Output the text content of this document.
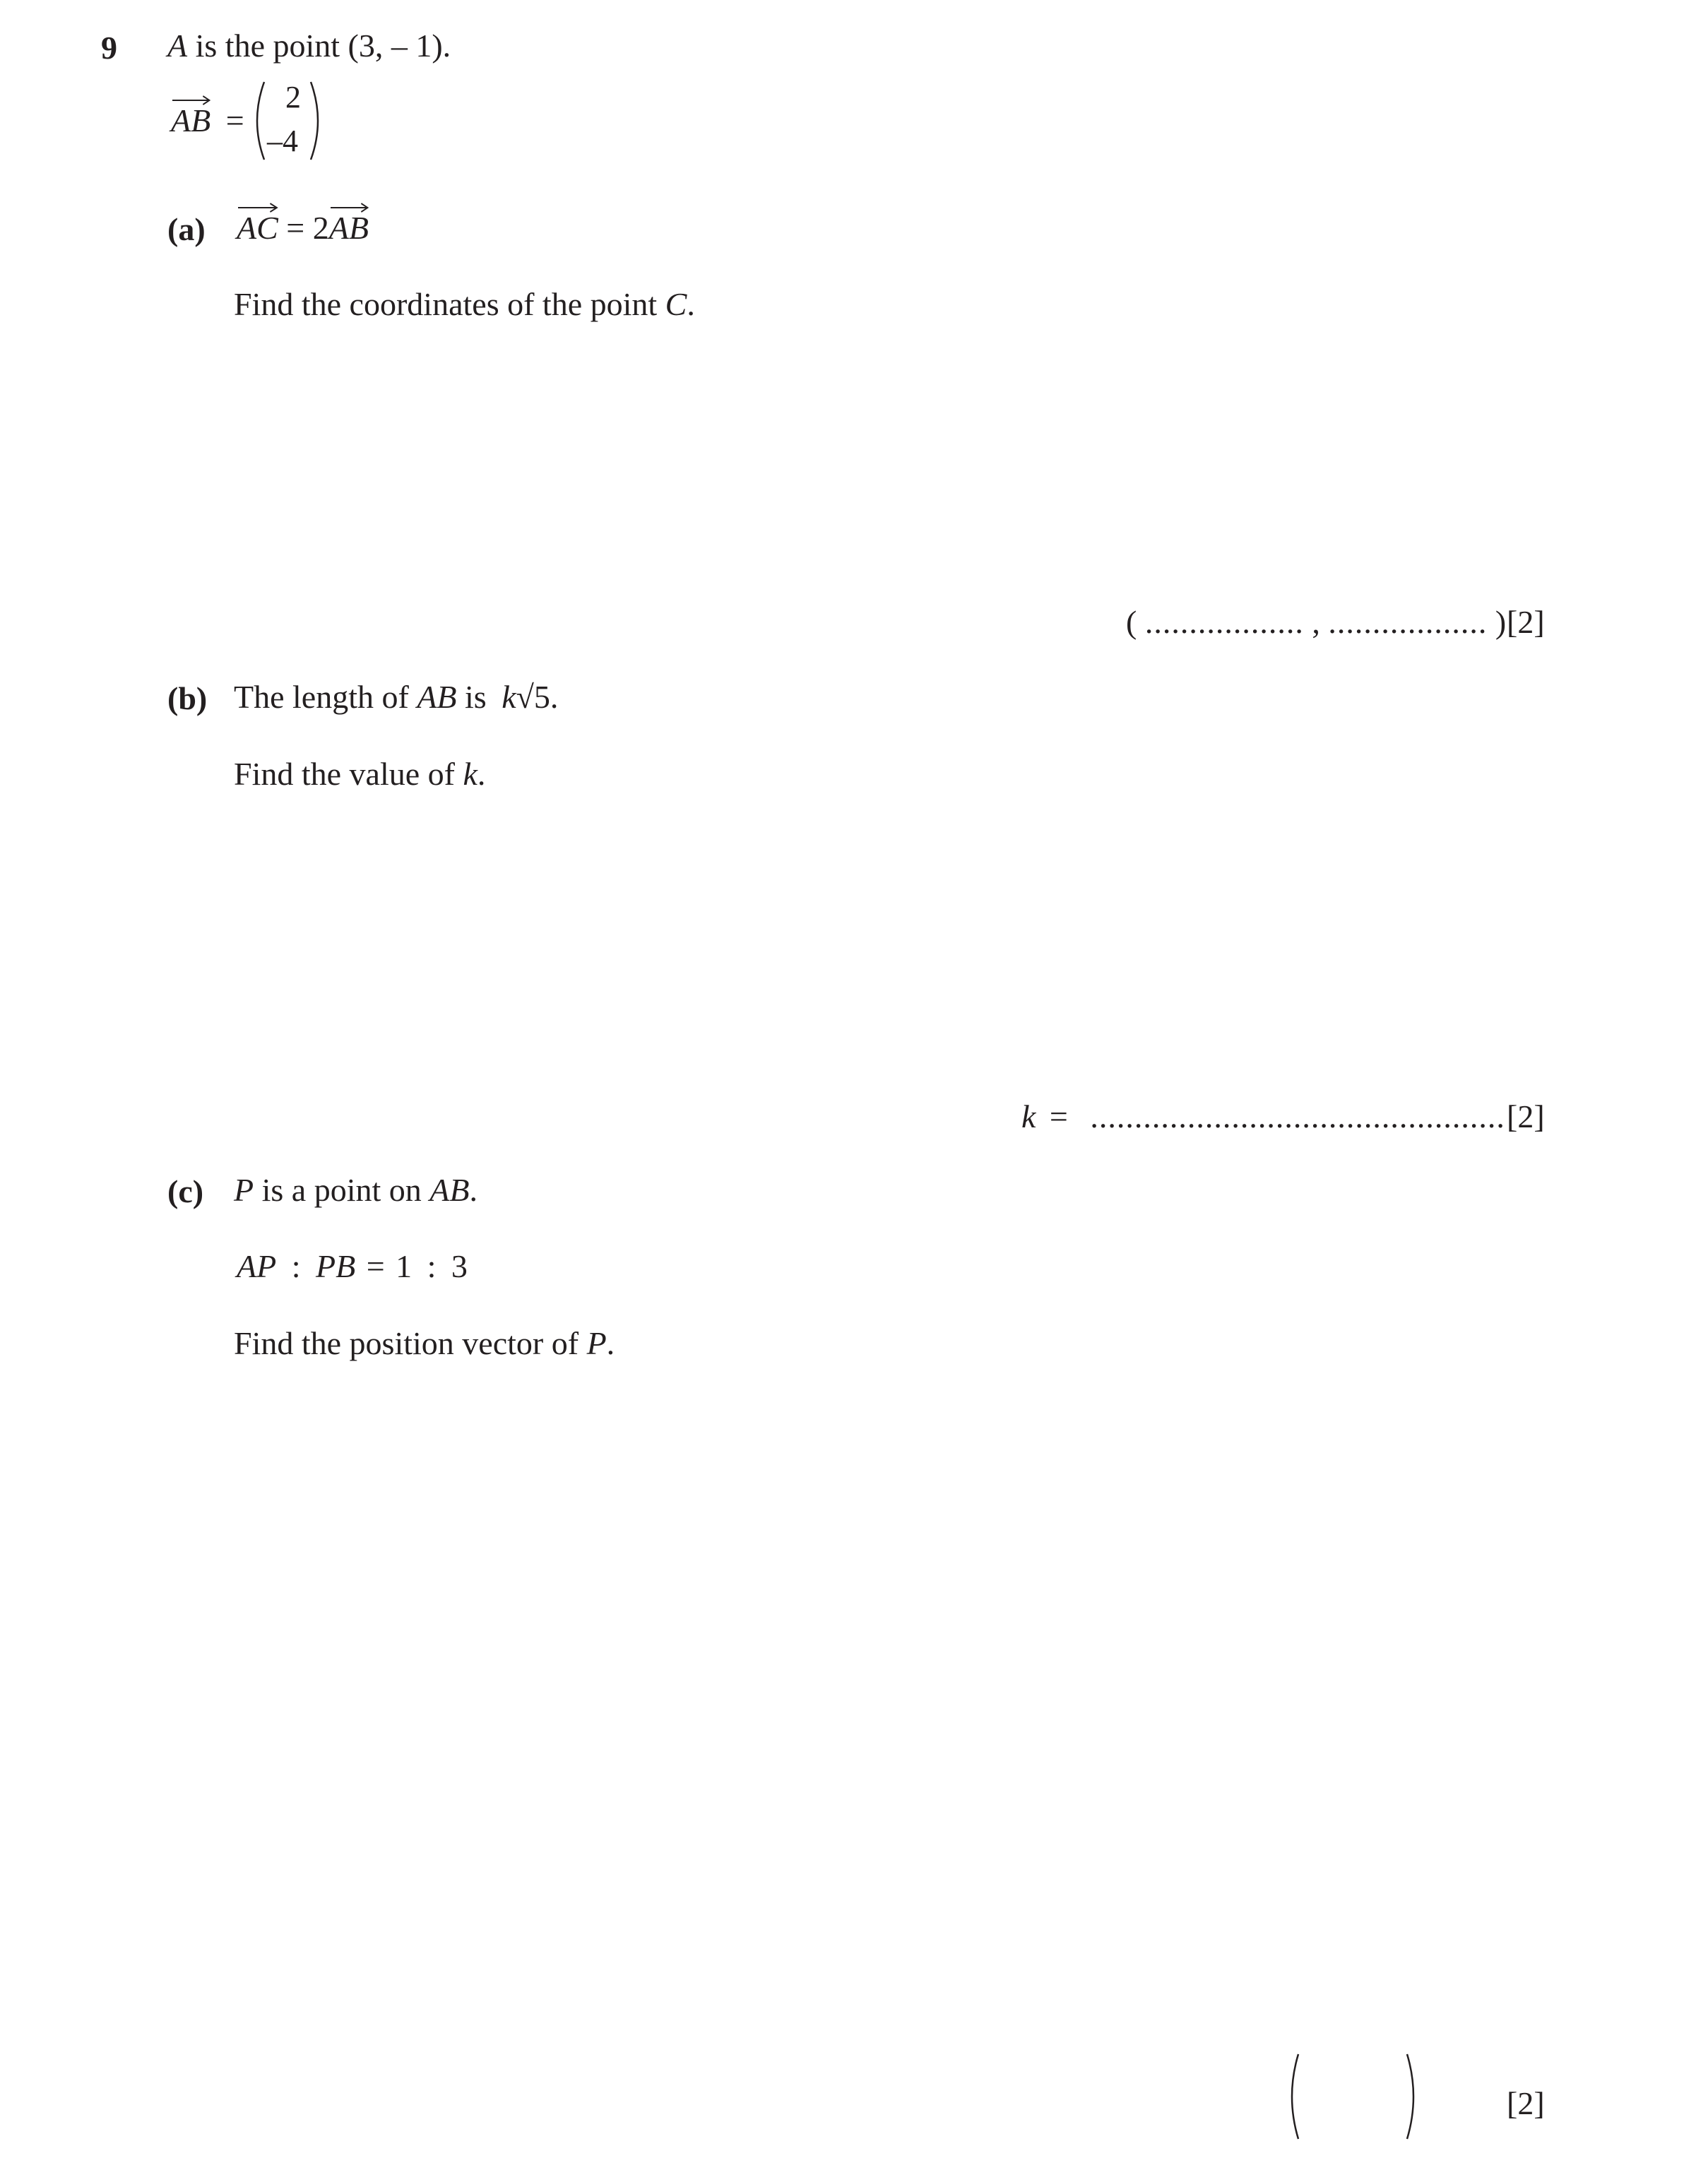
9 A is the point (3, – 1).
AB =
2
–4
(a) AC = 2
AB
Find the coordinates of the point C.
( .................. , .................. ) [2]
(b) The length of AB is k√5.
Find the value of k.
k = ............................................... [2]
(c) P is a point on AB.
AP : PB = 1 : 3
Find the position vector of P.
[2]
